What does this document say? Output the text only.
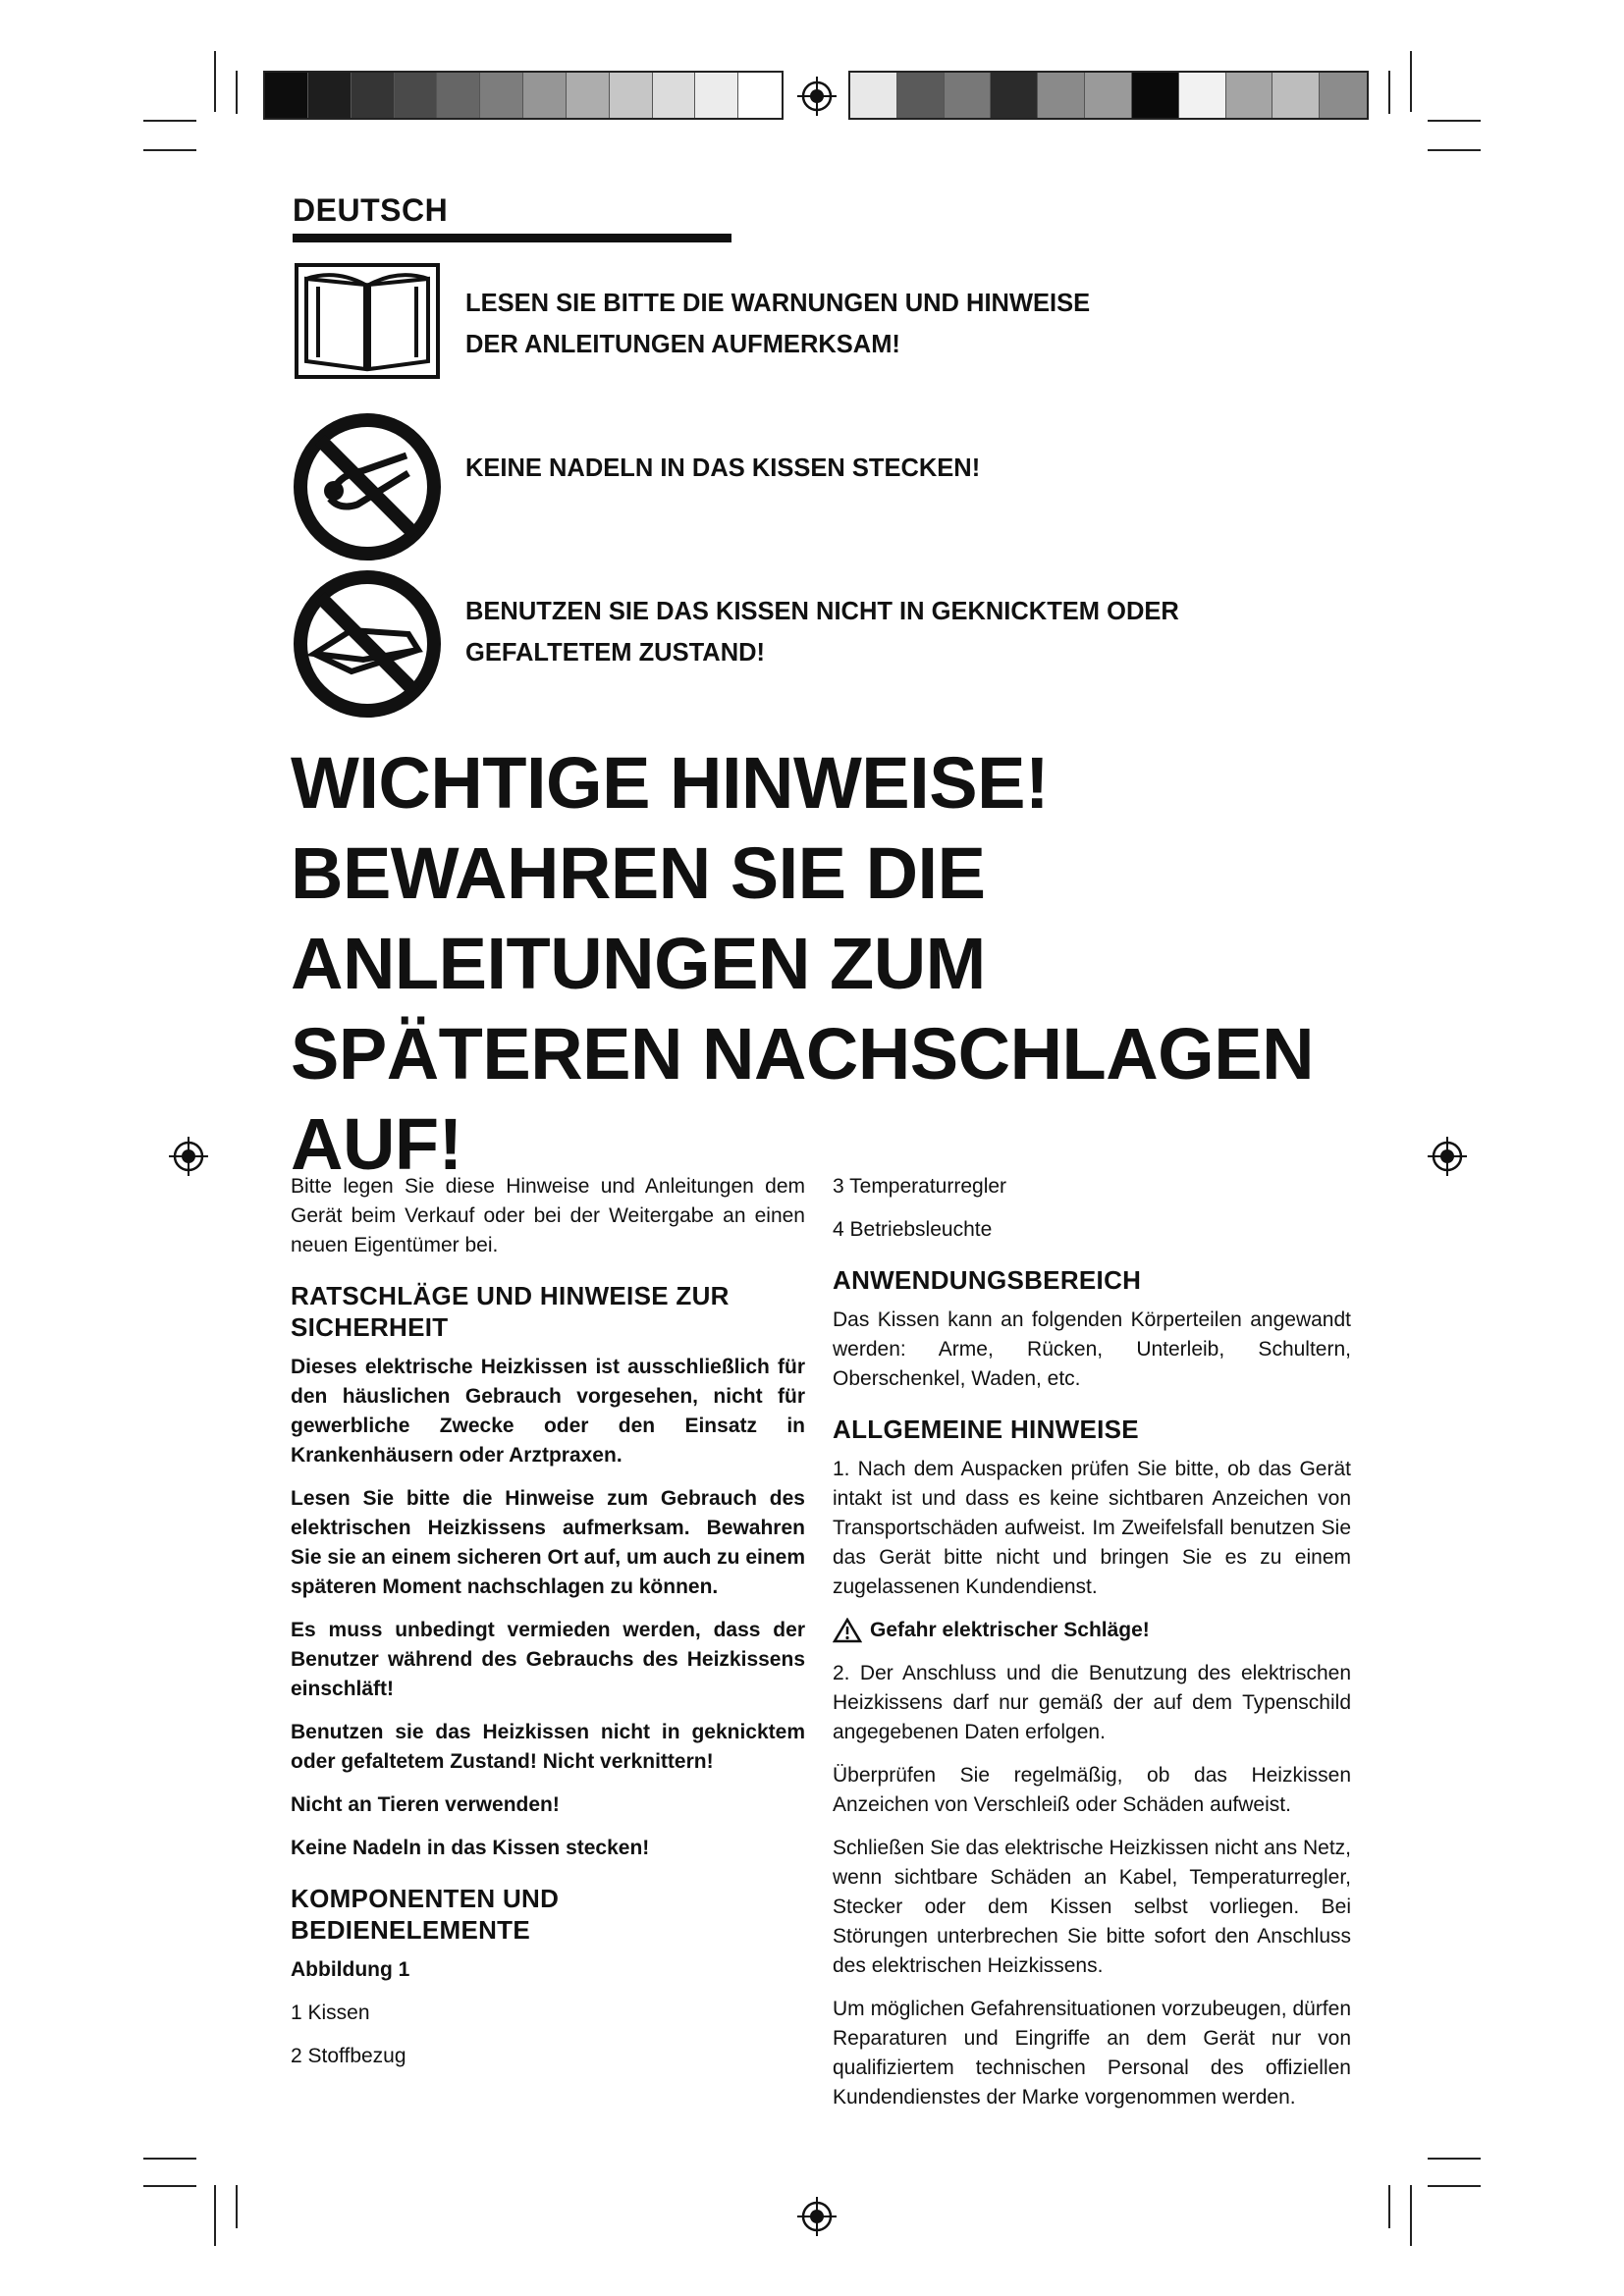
DEUTSCH
LESEN SIE BITTE DIE WARNUNGEN UND HINWEISE
DER ANLEITUNGEN AUFMERKSAM!
KEINE NADELN IN DAS KISSEN STECKEN!
BENUTZEN SIE DAS KISSEN NICHT IN GEKNICKTEM ODER
GEFALTETEM ZUSTAND!
WICHTIGE HINWEISE!
BEWAHREN SIE DIE
ANLEITUNGEN ZUM
SPÄTEREN NACHSCHLAGEN
AUF!

Bitte legen Sie diese Hinweise und Anleitungen dem Gerät beim Verkauf oder bei der Weitergabe an einen neuen Eigentümer bei.

RATSCHLÄGE UND HINWEISE ZUR SICHERHEIT

Dieses elektrische Heizkissen ist ausschließlich für den häuslichen Gebrauch vorgesehen, nicht für gewerbliche Zwecke oder den Einsatz in Krankenhäusern oder Arztpraxen.

Lesen Sie bitte die Hinweise zum Gebrauch des elektrischen Heizkissens aufmerksam. Bewahren Sie sie an einem sicheren Ort auf, um auch zu einem späteren Moment nachschlagen zu können.

Es muss unbedingt vermieden werden, dass der Benutzer während des Gebrauchs des Heizkissens einschläft!

Benutzen sie das Heizkissen nicht in geknicktem oder gefaltetem Zustand! Nicht verknittern!

Nicht an Tieren verwenden!

Keine Nadeln in das Kissen stecken!

KOMPONENTEN UND BEDIENELEMENTE

Abbildung 1

1 Kissen
2 Stoffbezug
3 Temperaturregler
4 Betriebsleuchte
ANWENDUNGSBEREICH

Das Kissen kann an folgenden Körperteilen angewandt werden: Arme, Rücken, Unterleib, Schultern, Oberschenkel, Waden, etc.

ALLGEMEINE HINWEISE

1. Nach dem Auspacken prüfen Sie bitte, ob das Gerät intakt ist und dass es keine sichtbaren Anzeichen von Transportschäden aufweist. Im Zweifelsfall benutzen Sie das Gerät bitte nicht und bringen Sie es zu einem zugelassenen Kundendienst.

Gefahr elektrischer Schläge!

2. Der Anschluss und die Benutzung des elektrischen Heizkissens darf nur gemäß der auf dem Typenschild angegebenen Daten erfolgen.

Überprüfen Sie regelmäßig, ob das Heizkissen Anzeichen von Verschleiß oder Schäden aufweist.

Schließen Sie das elektrische Heizkissen nicht ans Netz, wenn sichtbare Schäden an Kabel, Temperaturregler, Stecker oder dem Kissen selbst vorliegen. Bei Störungen unterbrechen Sie bitte sofort den Anschluss des elektrischen Heizkissens.

Um möglichen Gefahrensituationen vorzubeugen, dürfen Reparaturen und Eingriffe an dem Gerät nur von qualifiziertem technischen Personal des offiziellen Kundendienstes der Marke vorgenommen werden.
